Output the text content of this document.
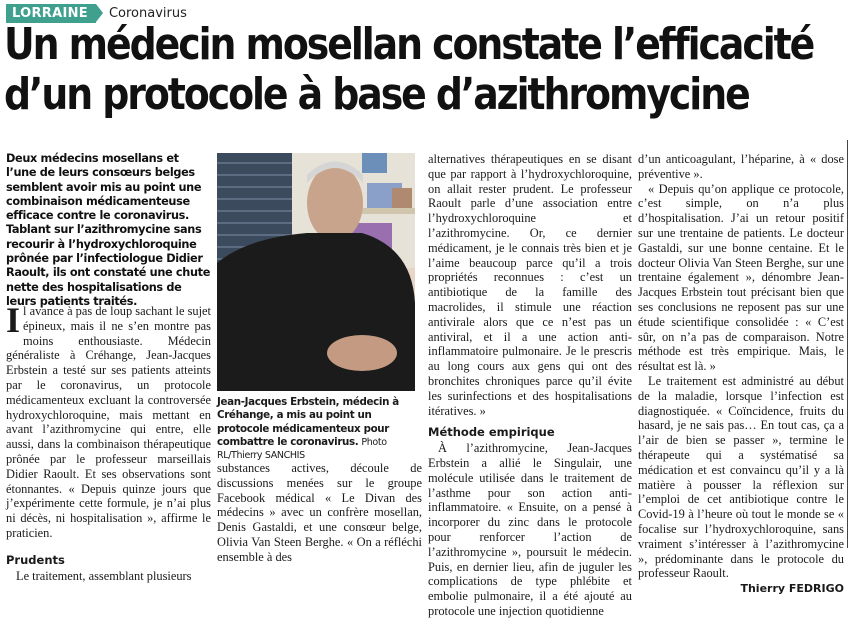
LORRAINE	Coronavirus
Un médecin mosellan constate l’efficacité
d’un protocole à base d’azithromycine
Deux médecins mosellans et l’une de leurs consœurs belges semblent avoir mis au point une combinaison médicamenteuse efficace contre le coronavirus. Tablant sur l’azithromycine sans recourir à l’hydroxychloroquine prônée par l’infectiologue Didier Raoult, ils ont constaté une chute nette des hospitalisations de leurs patients traités.

Il avance à pas de loup sachant le sujet épineux, mais il ne s’en montre pas moins enthousiaste. Médecin généraliste à Créhange, Jean-Jacques Erbstein a testé sur ses patients atteints par le coronavirus, un protocole médicamenteux excluant la controversée hydroxychloroquine, mais mettant en avant l’azithromycine qui entre, elle aussi, dans la combinaison thérapeutique prônée par le professeur marseillais Didier Raoult. Et ses observations sont étonnantes. « Depuis quinze jours que j’expérimente cette formule, je n’ai plus ni décès, ni hospitalisation », affirme le praticien.

Prudents

Le traitement, assemblant plusieurs

Jean-Jacques Erbstein, médecin à Créhange, a mis au point un protocole médicamenteux pour combattre le coronavirus. Photo RL/Thierry SANCHIS

substances actives, découle de discussions menées sur le groupe Facebook médical « Le Divan des médecins » avec un confrère mosellan, Denis Gastaldi, et une consœur belge, Olivia Van Steen Berghe. « On a réfléchi ensemble à des

alternatives thérapeutiques en se disant que par rapport à l’hydroxychloroquine, on allait rester prudent. Le professeur Raoult parle d’une association entre l’hydroxychloroquine et l’azithromycine. Or, ce dernier médicament, je le connais très bien et je l’aime beaucoup parce qu’il a trois propriétés reconnues : c’est un antibiotique de la famille des macrolides, il stimule une réaction antivirale alors que ce n’est pas un antiviral, et il a une action anti-inflammatoire pulmonaire. Je le prescris au long cours aux gens qui ont des bronchites chroniques parce qu’il évite les surinfections et des hospitalisations itératives. »

Méthode empirique

À l’azithromycine, Jean-Jacques Erbstein a allié le Singulair, une molécule utilisée dans le traitement de l’asthme pour son action anti-inflammatoire. « Ensuite, on a pensé à incorporer du zinc dans le protocole pour renforcer l’action de l’azithromycine », poursuit le médecin. Puis, en dernier lieu, afin de juguler les complications de type phlébite et embolie pulmonaire, il a été ajouté au protocole une injection quotidienne

d’un anticoagulant, l’héparine, à « dose préventive ».

« Depuis qu’on applique ce protocole, c’est simple, on n’a plus d’hospitalisation. J’ai un retour positif sur une trentaine de patients. Le docteur Gastaldi, sur une bonne centaine. Et le docteur Olivia Van Steen Berghe, sur une trentaine également », dénombre Jean-Jacques Erbstein tout précisant bien que ses conclusions ne reposent pas sur une étude scientifique consolidée : « C’est sûr, on n’a pas de comparaison. Notre méthode est très empirique. Mais, le résultat est là. »

Le traitement est administré au début de la maladie, lorsque l’infection est diagnostiquée. « Coïncidence, fruits du hasard, je ne sais pas… En tout cas, ça a l’air de bien se passer », termine le thérapeute qui a systématisé sa médication et est convaincu qu’il y a là matière à pousser la réflexion sur l’emploi de cet antibiotique contre le Covid-19 à l’heure où tout le monde se « focalise sur l’hydroxychloroquine, sans vraiment s’intéresser à l’azithromycine », prédominante dans le protocole du professeur Raoult.

Thierry FEDRIGO
